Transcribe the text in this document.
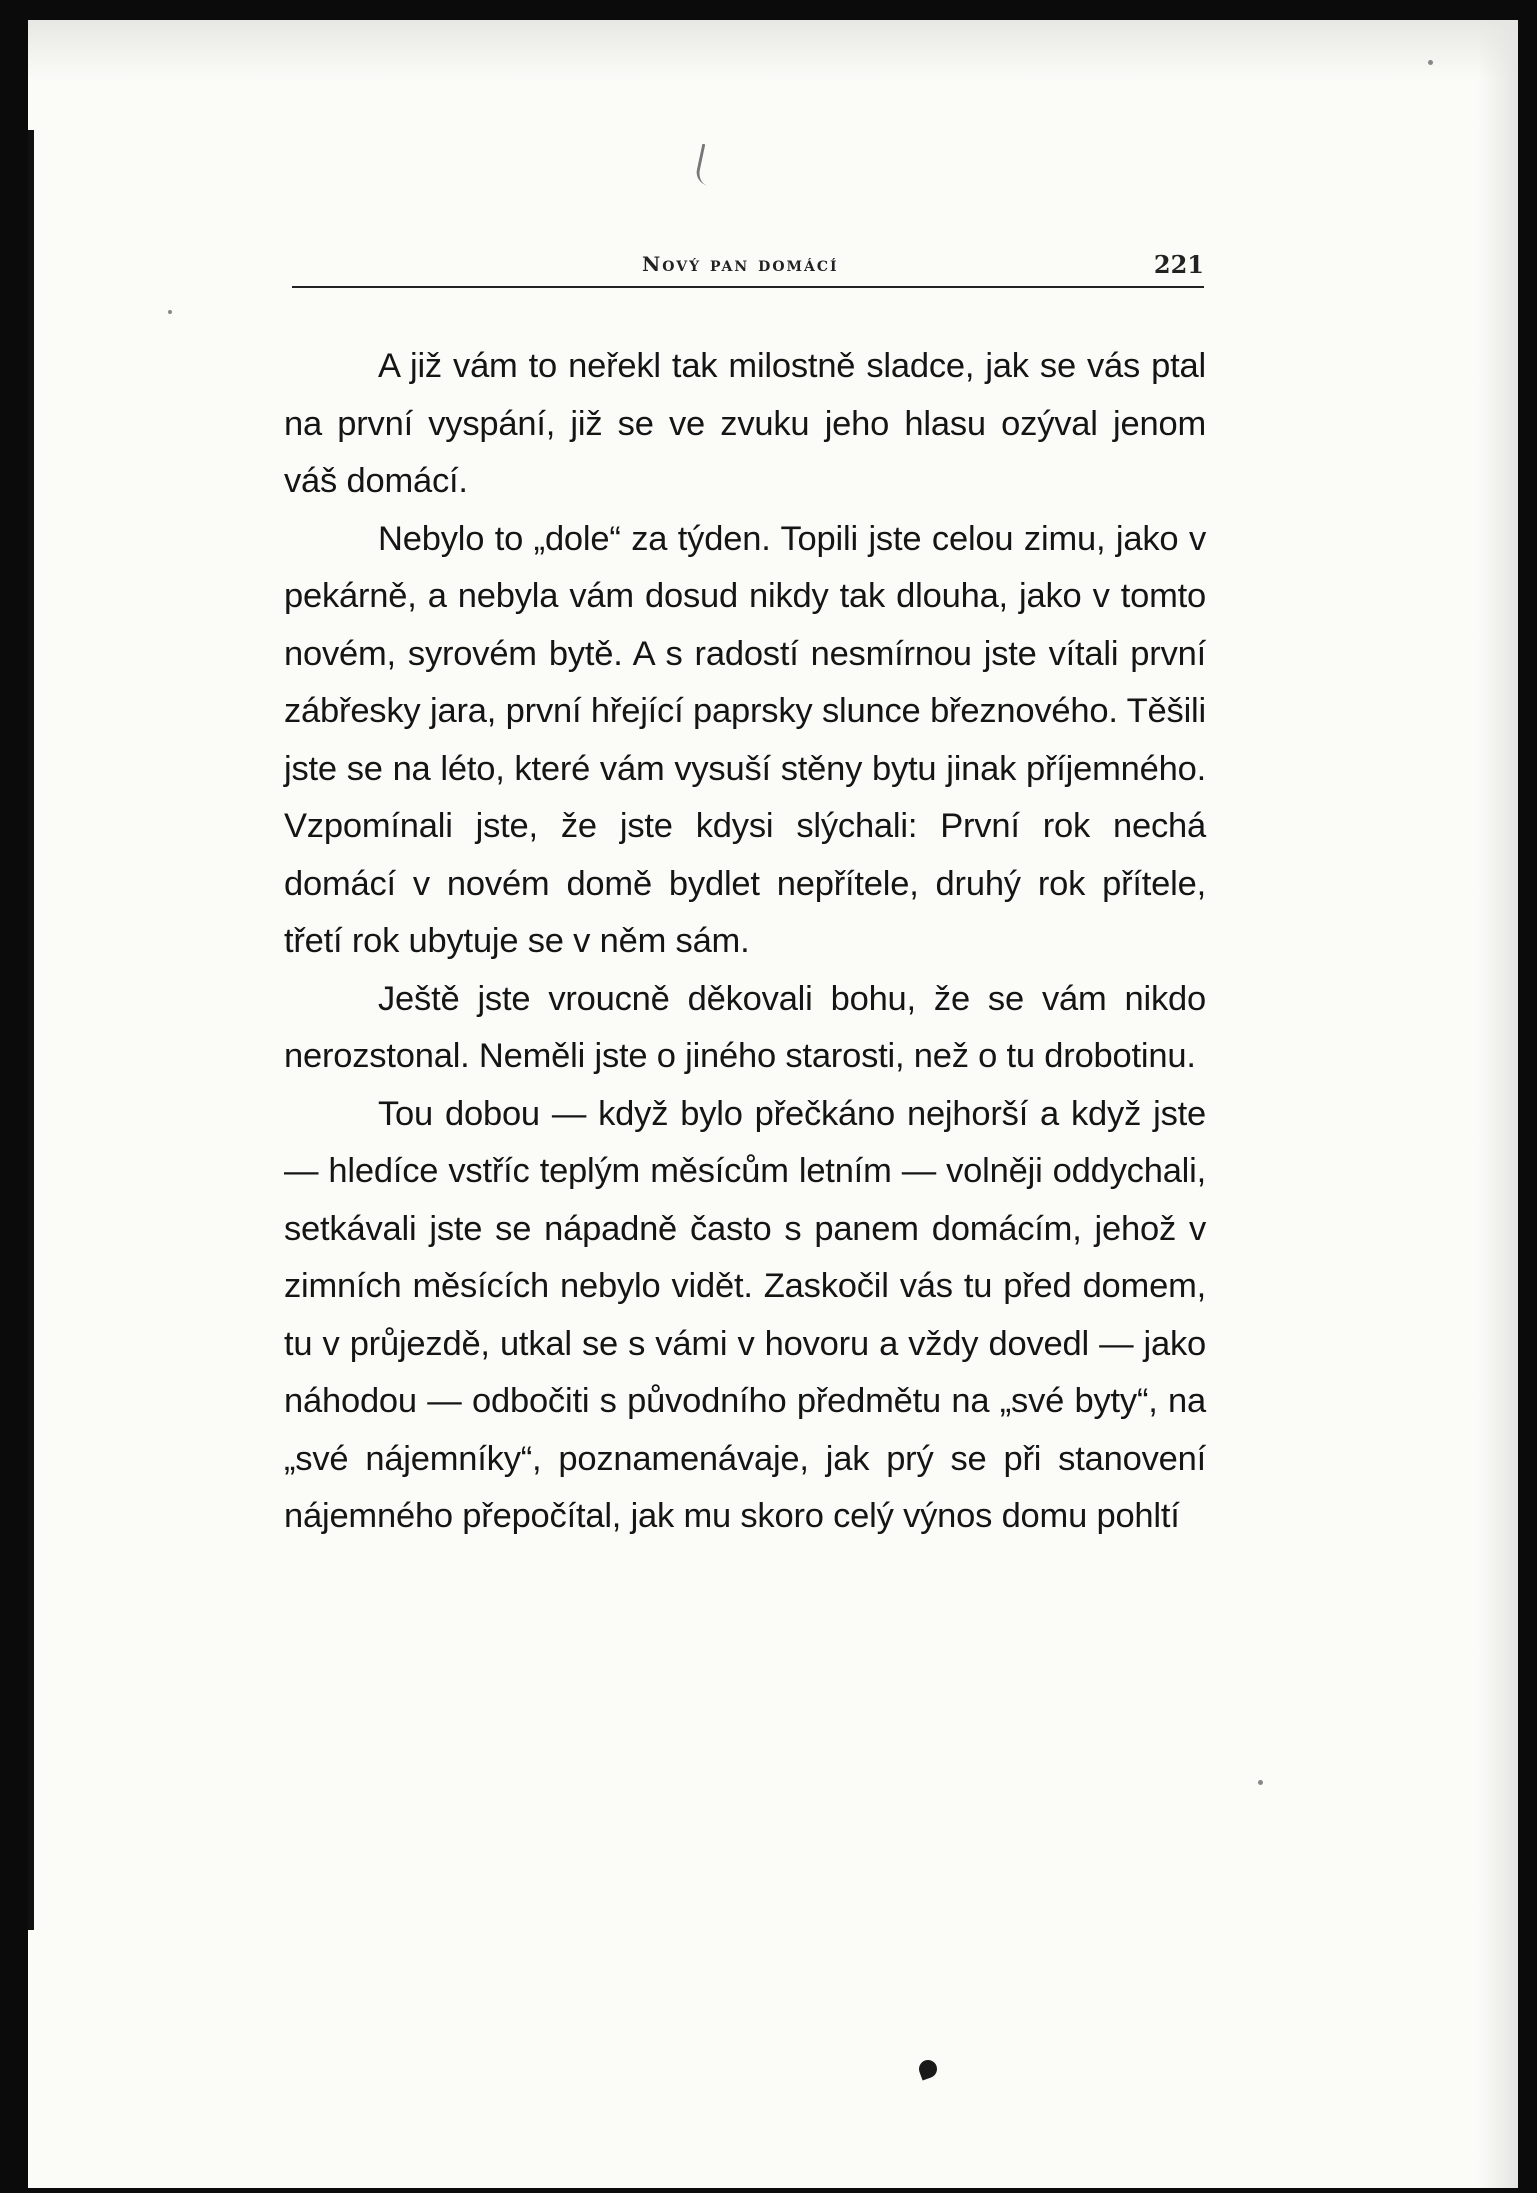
Nový pan domácí	221

A již vám to neřekl tak milostně sladce, jak se vás ptal na první vyspání, již se ve zvuku jeho hlasu ozýval jenom váš domácí.

Nebylo to „dole“ za týden. Topili jste celou zimu, jako v pekárně, a nebyla vám dosud nikdy tak dlouha, jako v tomto novém, syrovém bytě. A s radostí nesmírnou jste vítali první zábřesky jara, první hřející paprsky slunce březnového. Těšili jste se na léto, které vám vysuší stěny bytu jinak příjemného. Vzpomínali jste, že jste kdysi slýchali: První rok nechá domácí v novém domě bydlet nepřítele, druhý rok přítele, třetí rok ubytuje se v něm sám.

Ještě jste vroucně děkovali bohu, že se vám nikdo nerozstonal. Neměli jste o jiného starosti, než o tu drobotinu.

Tou dobou — když bylo přečkáno nejhorší a když jste — hledíce vstříc teplým měsícům letním — volněji oddychali, setkávali jste se nápadně často s panem domácím, jehož v zimních měsících nebylo vidět. Zaskočil vás tu před domem, tu v průjezdě, utkal se s vámi v hovoru a vždy dovedl — jako náhodou — odbočiti s původního předmětu na „své byty“, na „své nájemníky“, poznamenávaje, jak prý se při stanovení nájemného přepočítal, jak mu skoro celý výnos domu pohltí
